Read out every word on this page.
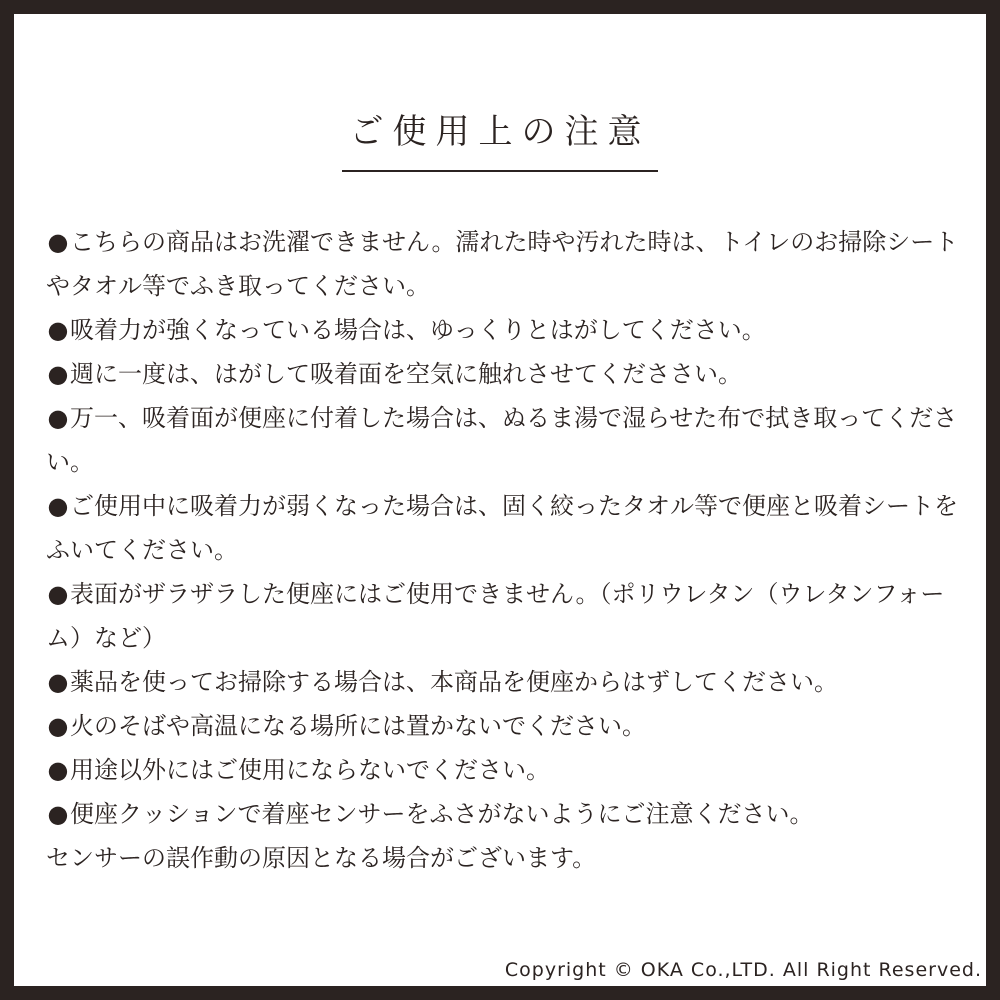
ご使用上の注意
●こちらの商品はお洗濯できません。濡れた時や汚れた時は、トイレのお掃除シートやタオル等でふき取ってください。
●吸着力が強くなっている場合は、ゆっくりとはがしてください。
●週に一度は、はがして吸着面を空気に触れさせてくだささい。
●万一、吸着面が便座に付着した場合は、ぬるま湯で湿らせた布で拭き取ってください。
●ご使用中に吸着力が弱くなった場合は、固く絞ったタオル等で便座と吸着シートをふいてください。
●表面がザラザラした便座にはご使用できません。（ポリウレタン（ウレタンフォーム）など）
●薬品を使ってお掃除する場合は、本商品を便座からはずしてください。
●火のそばや高温になる場所には置かないでください。
●用途以外にはご使用にならないでください。
●便座クッションで着座センサーをふさがないようにご注意ください。
センサーの誤作動の原因となる場合がございます。
Copyright © OKA Co.,LTD. All Right Reserved.
